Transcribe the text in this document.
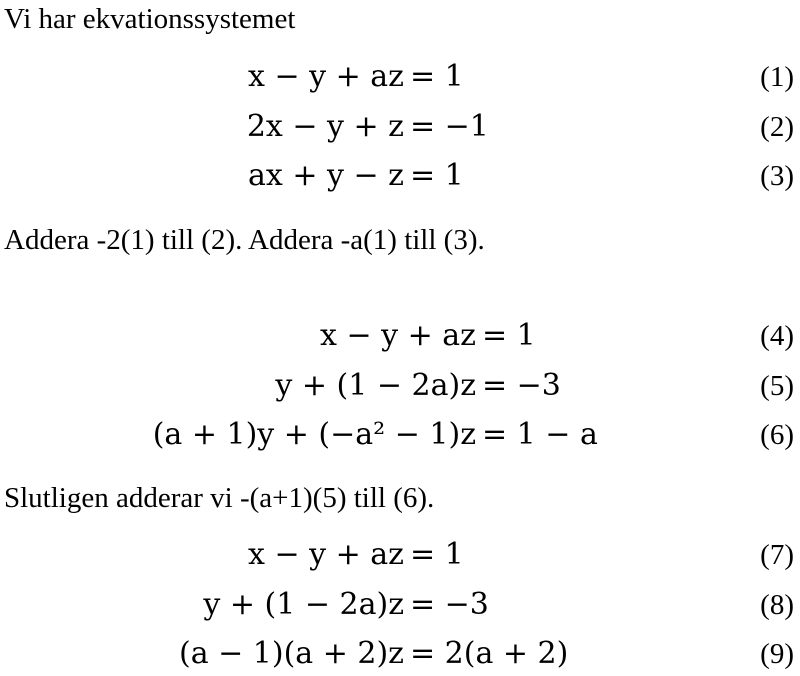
Vi har ekvationssystemet

x − y + az = 1	(1)
2x − y + z = −1	(2)
ax + y − z = 1	(3)

Addera -2(1) till (2). Addera -a(1) till (3).

x − y + az = 1	(4)
y + (1 − 2a)z = −3	(5)
(a + 1)y + (−a² − 1)z = 1 − a	(6)

Slutligen adderar vi -(a+1)(5) till (6).

x − y + az = 1	(7)
y + (1 − 2a)z = −3	(8)
(a − 1)(a + 2)z = 2(a + 2)	(9)
